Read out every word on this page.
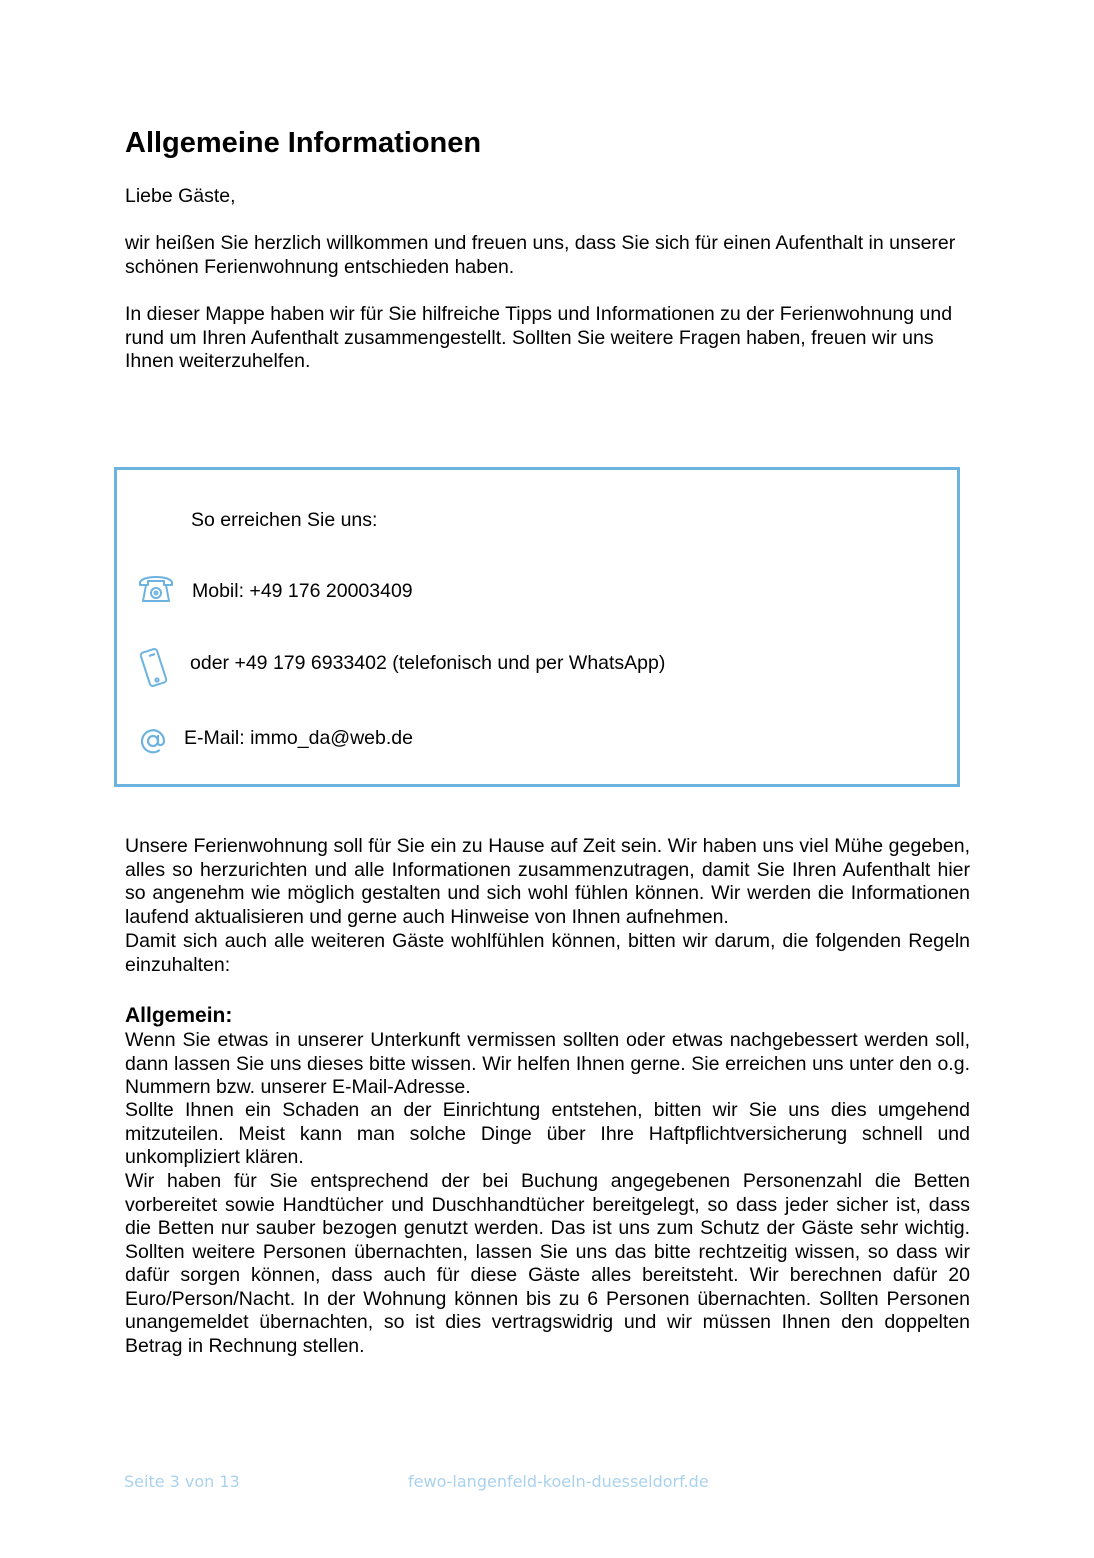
Allgemeine Informationen

Liebe Gäste,

wir heißen Sie herzlich willkommen und freuen uns, dass Sie sich für einen Aufenthalt in unserer schönen Ferienwohnung entschieden haben.

In dieser Mappe haben wir für Sie hilfreiche Tipps und Informationen zu der Ferienwohnung und rund um Ihren Aufenthalt zusammengestellt. Sollten Sie weitere Fragen haben, freuen wir uns Ihnen weiterzuhelfen.

So erreichen Sie uns:
Mobil: +49 176 20003409
oder +49 179 6933402 (telefonisch und per WhatsApp)
E-Mail: immo_da@web.de

Unsere Ferienwohnung soll für Sie ein zu Hause auf Zeit sein. Wir haben uns viel Mühe gegeben, alles so herzurichten und alle Informationen zusammenzutragen, damit Sie Ihren Aufenthalt hier so angenehm wie möglich gestalten und sich wohl fühlen können. Wir werden die Informationen laufend aktualisieren und gerne auch Hinweise von Ihnen aufnehmen.

Damit sich auch alle weiteren Gäste wohlfühlen können, bitten wir darum, die folgenden Regeln einzuhalten:

Allgemein:

Wenn Sie etwas in unserer Unterkunft vermissen sollten oder etwas nachgebessert werden soll, dann lassen Sie uns dieses bitte wissen. Wir helfen Ihnen gerne. Sie erreichen uns unter den o.g. Nummern bzw. unserer E-Mail-Adresse.

Sollte Ihnen ein Schaden an der Einrichtung entstehen, bitten wir Sie uns dies umgehend mitzuteilen. Meist kann man solche Dinge über Ihre Haftpflichtversicherung schnell und unkompliziert klären.

Wir haben für Sie entsprechend der bei Buchung angegebenen Personenzahl die Betten vorbereitet sowie Handtücher und Duschhandtücher bereitgelegt, so dass jeder sicher ist, dass die Betten nur sauber bezogen genutzt werden. Das ist uns zum Schutz der Gäste sehr wichtig. Sollten weitere Personen übernachten, lassen Sie uns das bitte rechtzeitig wissen, so dass wir dafür sorgen können, dass auch für diese Gäste alles bereitsteht. Wir berechnen dafür 20 Euro/Person/Nacht. In der Wohnung können bis zu 6 Personen übernachten. Sollten Personen unangemeldet übernachten, so ist dies vertragswidrig und wir müssen Ihnen den doppelten Betrag in Rechnung stellen.

Seite 3 von 13	fewo-langenfeld-koeln-duesseldorf.de
